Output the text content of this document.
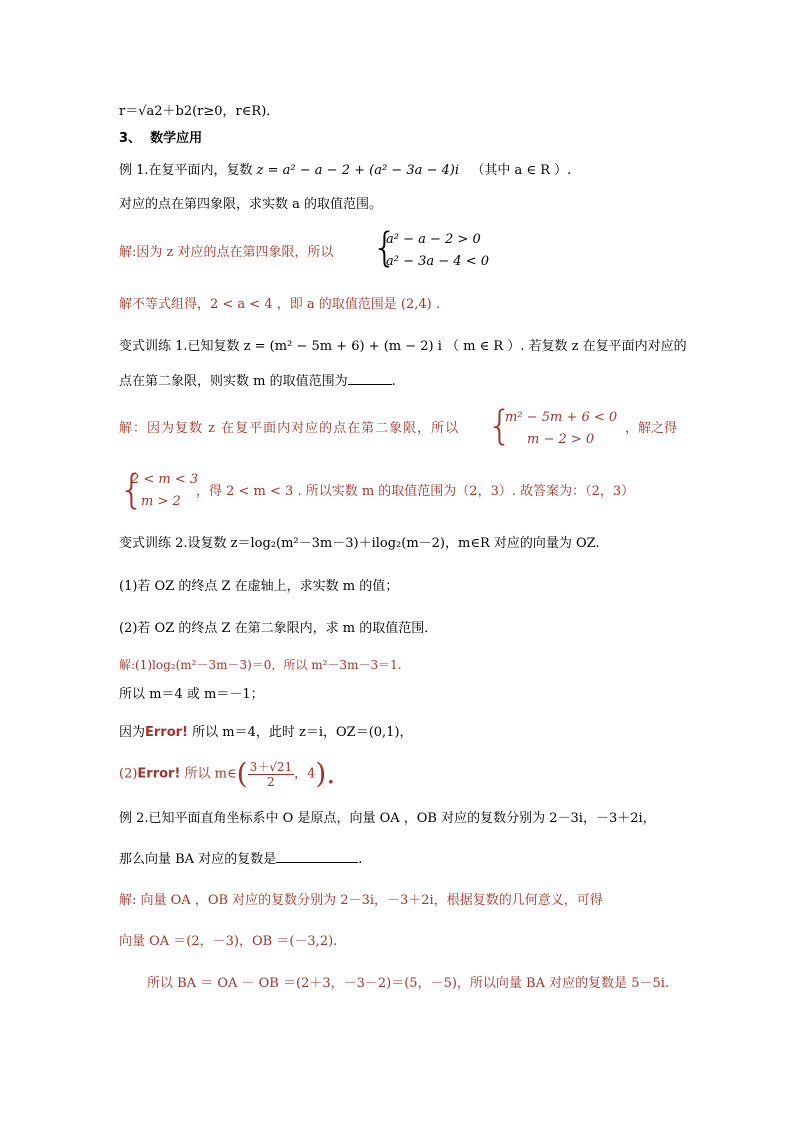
r＝√a2＋b2(r≥0，r∈R)．
3、 数学应用
例 1.在复平面内，复数 z = a² − a − 2 + (a² − 3a − 4)i （其中 a ∈ R ）.
对应的点在第四象限，求实数 a 的取值范围。
解:因为 z 对应的点在第四象限，所以 {
a² − a − 2 > 0
a² − 3a − 4 < 0
解不等式组得，2 < a < 4 ，即 a 的取值范围是 (2,4) .
变式训练 1.已知复数 z = (m² − 5m + 6) + (m − 2) i （ m ∈ R ）. 若复数 z 在复平面内对应的
点在第二象限，则实数 m 的取值范围为	.
解：因为复数 z 在复平面内对应的点在第二象限，所以 {
m² − 5m + 6 < 0
m − 2 > 0
，解之得
{
2 < m < 3
m > 2
，得 2 < m < 3 . 所以实数 m 的取值范围为（2，3）. 故答案为：（2，3）
变式训练 2.设复数 z＝log₂(m²－3m－3)＋ilog₂(m－2)，m∈R 对应的向量为 OZ.
(1)若 OZ 的终点 Z 在虚轴上，求实数 m 的值；
(2)若 OZ 的终点 Z 在第二象限内，求 m 的取值范围．
解:(1)log₂(m²－3m－3)＝0，所以 m²－3m－3＝1.
所以 m＝4 或 m＝－1；
因为Error! 所以 m＝4，此时 z＝i，OZ＝(0,1)，
(2)Error! 所以 m∈( $\frac{3+√21}{2}$ ，4).
例 2.已知平面直角坐标系中 O 是原点，向量 OA ，OB 对应的复数分别为 2－3i，－3＋2i，
那么向量 BA 对应的复数是	.
解: 向量 OA ，OB 对应的复数分别为 2－3i，－3＋2i，根据复数的几何意义，可得
向量 OA ＝(2，－3)，OB ＝(－3,2).
所以 BA ＝ OA － OB ＝(2＋3，－3－2)＝(5，－5)，所以向量 BA 对应的复数是 5－5i.
